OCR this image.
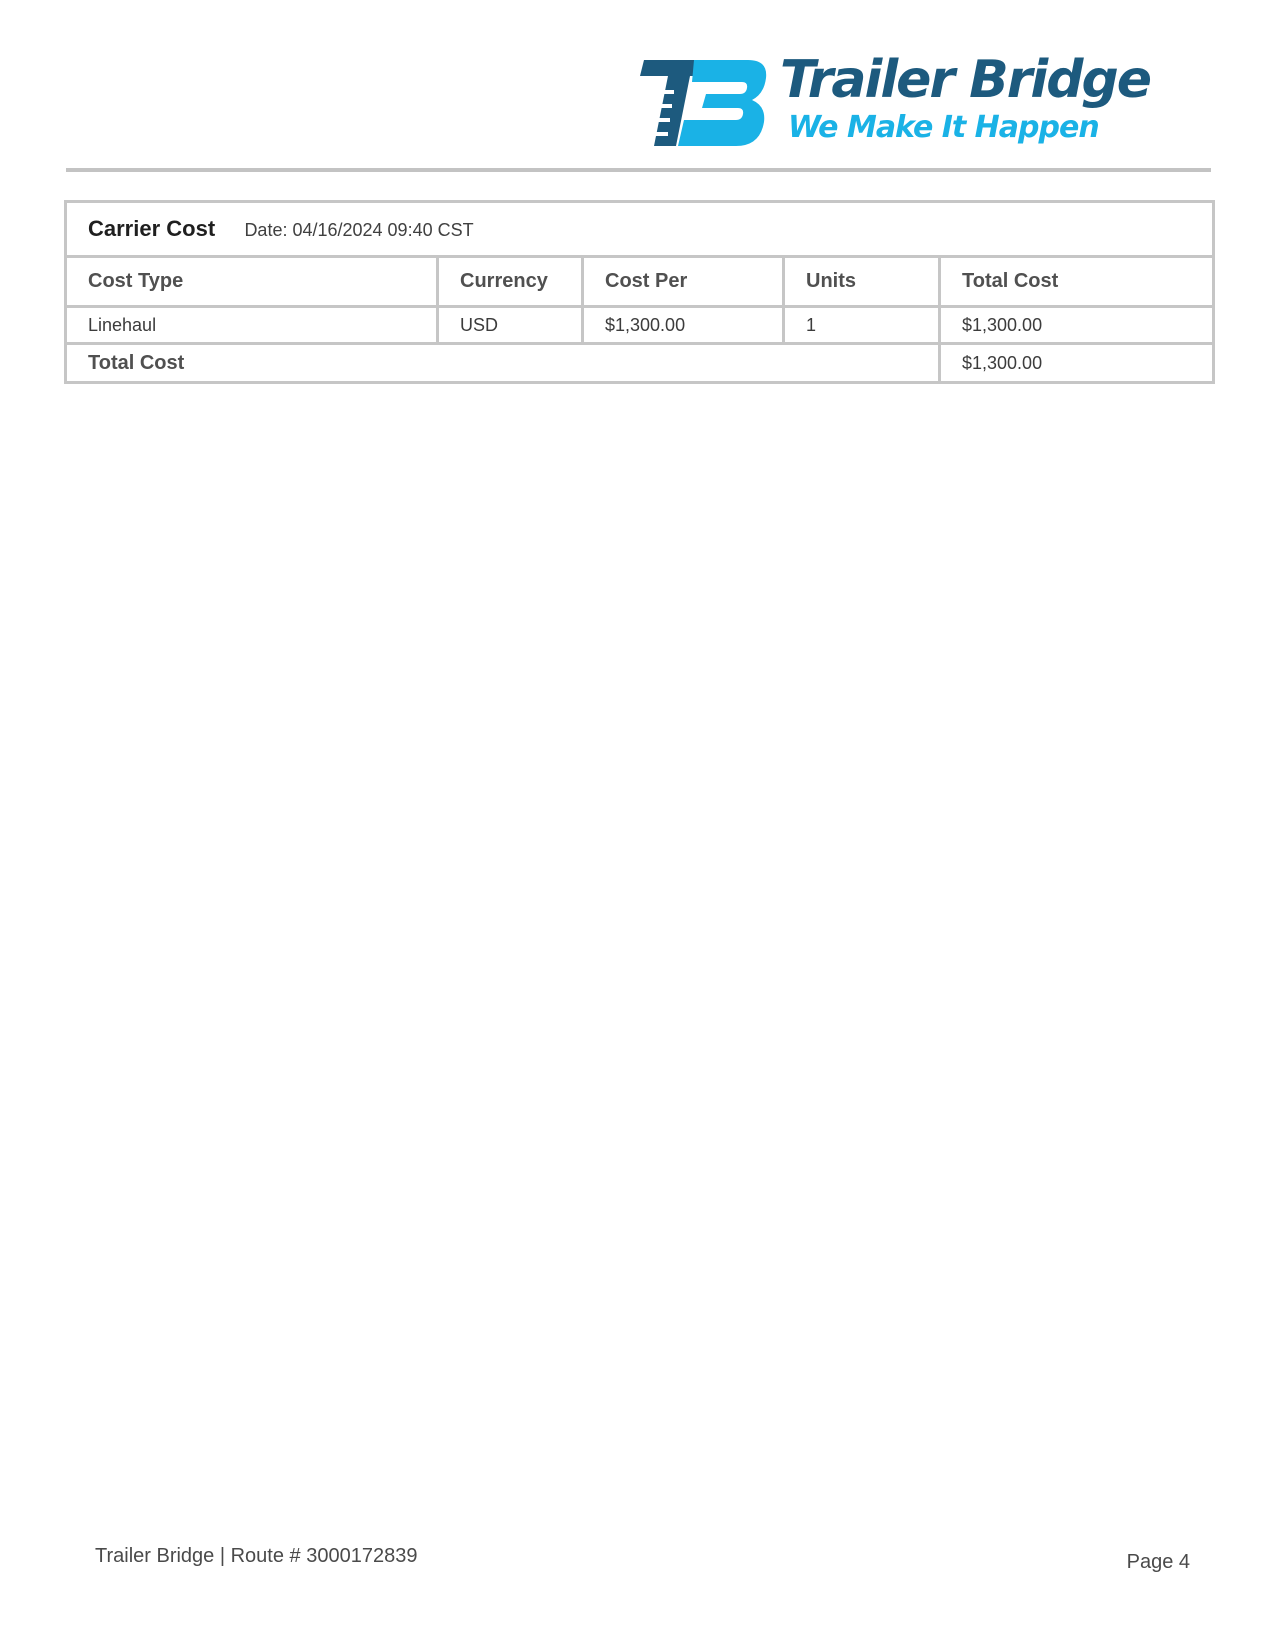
Trailer Bridge
We Make It Happen
Carrier Cost Date: 04/16/2024 09:40 CST				
Cost Type	Currency	Cost Per	Units	Total Cost
Linehaul	USD	$1,300.00	1	$1,300.00
Total Cost				$1,300.00
Trailer Bridge | Route # 3000172839	Page 4
